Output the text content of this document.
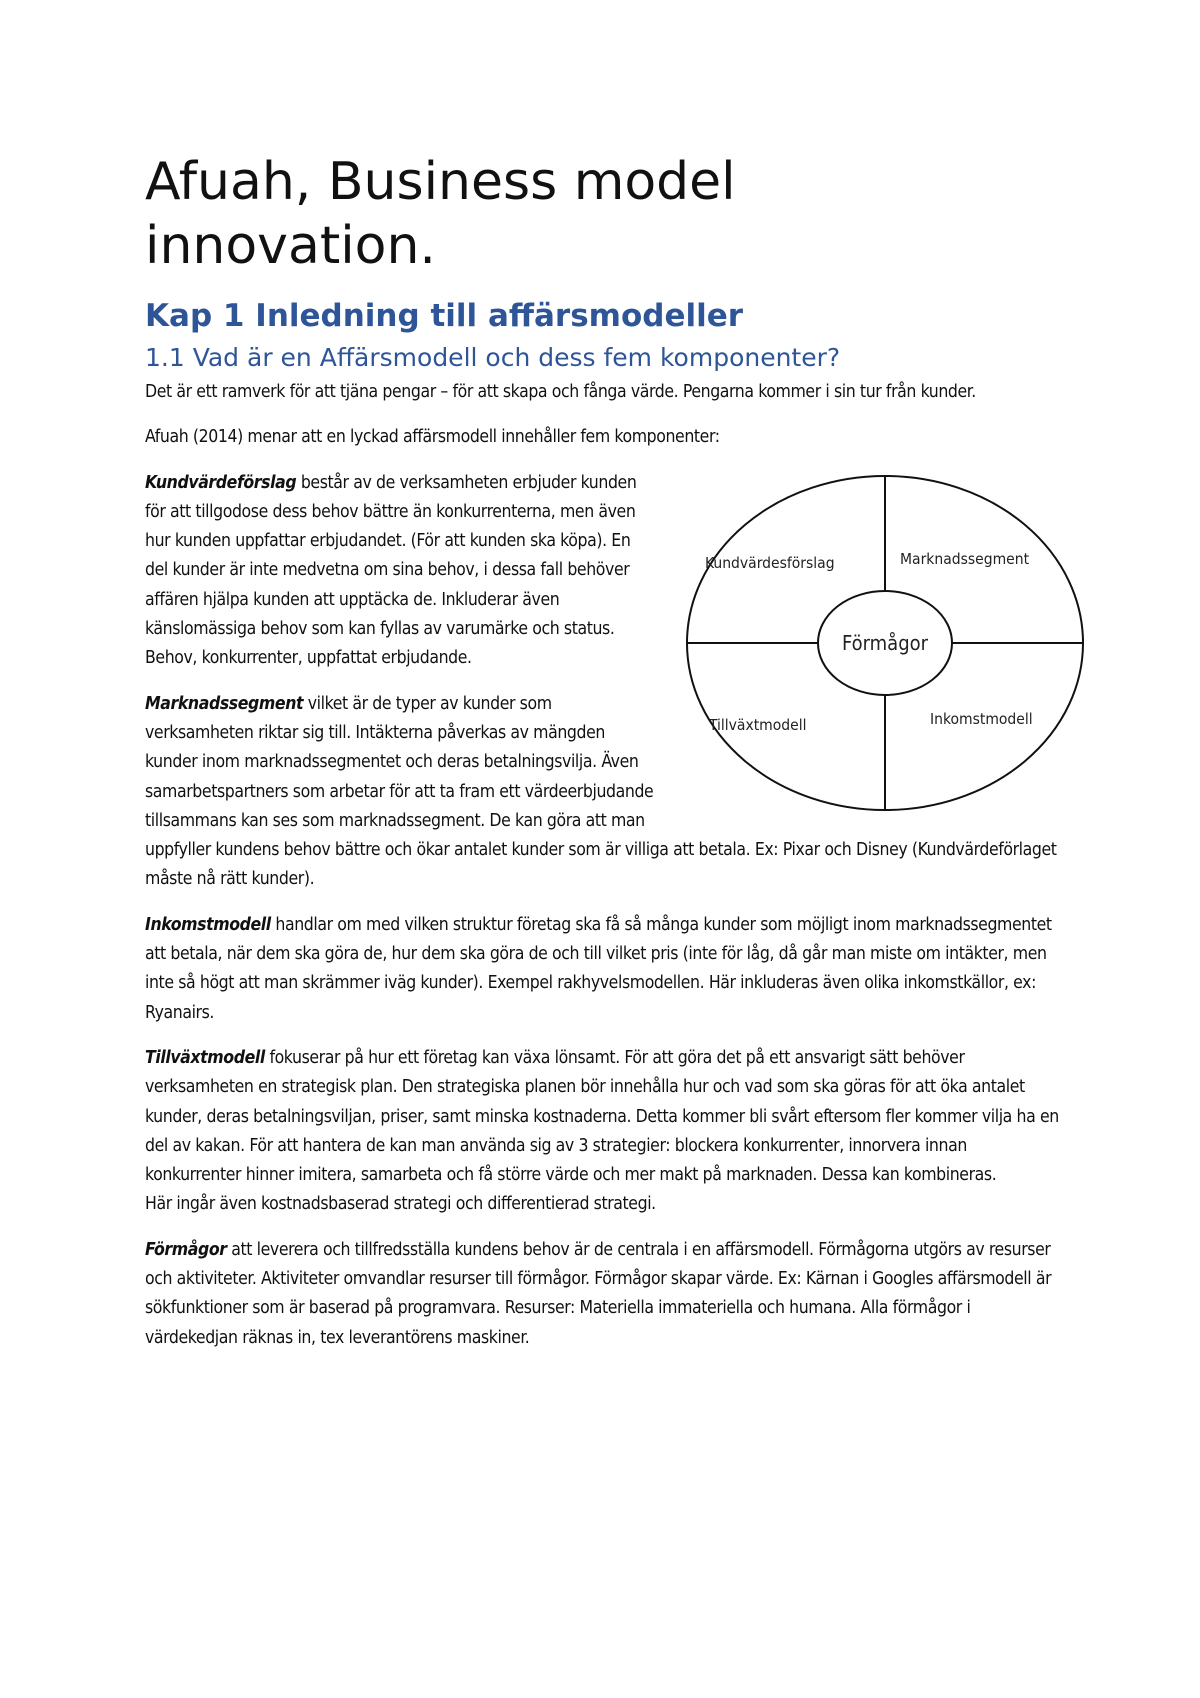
Afuah, Business model innovation.
Kap 1 Inledning till affärsmodeller
1.1 Vad är en Affärsmodell och dess fem komponenter?

Det är ett ramverk för att tjäna pengar – för att skapa och fånga värde. Pengarna kommer i sin tur från kunder.

Afuah (2014) menar att en lyckad affärsmodell innehåller fem komponenter:

Kundvärdesförslag	Marknadssegment
Förmågor
Tillväxtmodell	Inkomstmodell

Kundvärdeförslag består av de verksamheten erbjuder kunden för att tillgodose dess behov bättre än konkurrenterna, men även hur kunden uppfattar erbjudandet. (För att kunden ska köpa). En del kunder är inte medvetna om sina behov, i dessa fall behöver affären hjälpa kunden att upptäcka de. Inkluderar även känslomässiga behov som kan fyllas av varumärke och status.
Behov, konkurrenter, uppfattat erbjudande.

Marknadssegment vilket är de typer av kunder som verksamheten riktar sig till. Intäkterna påverkas av mängden kunder inom marknadssegmentet och deras betalningsvilja. Även samarbetspartners som arbetar för att ta fram ett värdeerbjudande tillsammans kan ses som marknadssegment. De kan göra att man uppfyller kundens behov bättre och ökar antalet kunder som är villiga att betala. Ex: Pixar och Disney (Kundvärdeförlaget måste nå rätt kunder).

Inkomstmodell handlar om med vilken struktur företag ska få så många kunder som möjligt inom marknadssegmentet att betala, när dem ska göra de, hur dem ska göra de och till vilket pris (inte för låg, då går man miste om intäkter, men inte så högt att man skrämmer iväg kunder). Exempel rakhyvelsmodellen. Här inkluderas även olika inkomstkällor, ex: Ryanairs.

Tillväxtmodell fokuserar på hur ett företag kan växa lönsamt. För att göra det på ett ansvarigt sätt behöver verksamheten en strategisk plan. Den strategiska planen bör innehålla hur och vad som ska göras för att öka antalet kunder, deras betalningsviljan, priser, samt minska kostnaderna. Detta kommer bli svårt eftersom fler kommer vilja ha en del av kakan. För att hantera de kan man använda sig av 3 strategier: blockera konkurrenter, innorvera innan konkurrenter hinner imitera, samarbeta och få större värde och mer makt på marknaden. Dessa kan kombineras.
Här ingår även kostnadsbaserad strategi och differentierad strategi.

Förmågor att leverera och tillfredsställa kundens behov är de centrala i en affärsmodell. Förmågorna utgörs av resurser och aktiviteter. Aktiviteter omvandlar resurser till förmågor. Förmågor skapar värde. Ex: Kärnan i Googles affärsmodell är sökfunktioner som är baserad på programvara. Resurser: Materiella immateriella och humana. Alla förmågor i värdekedjan räknas in, tex leverantörens maskiner.
